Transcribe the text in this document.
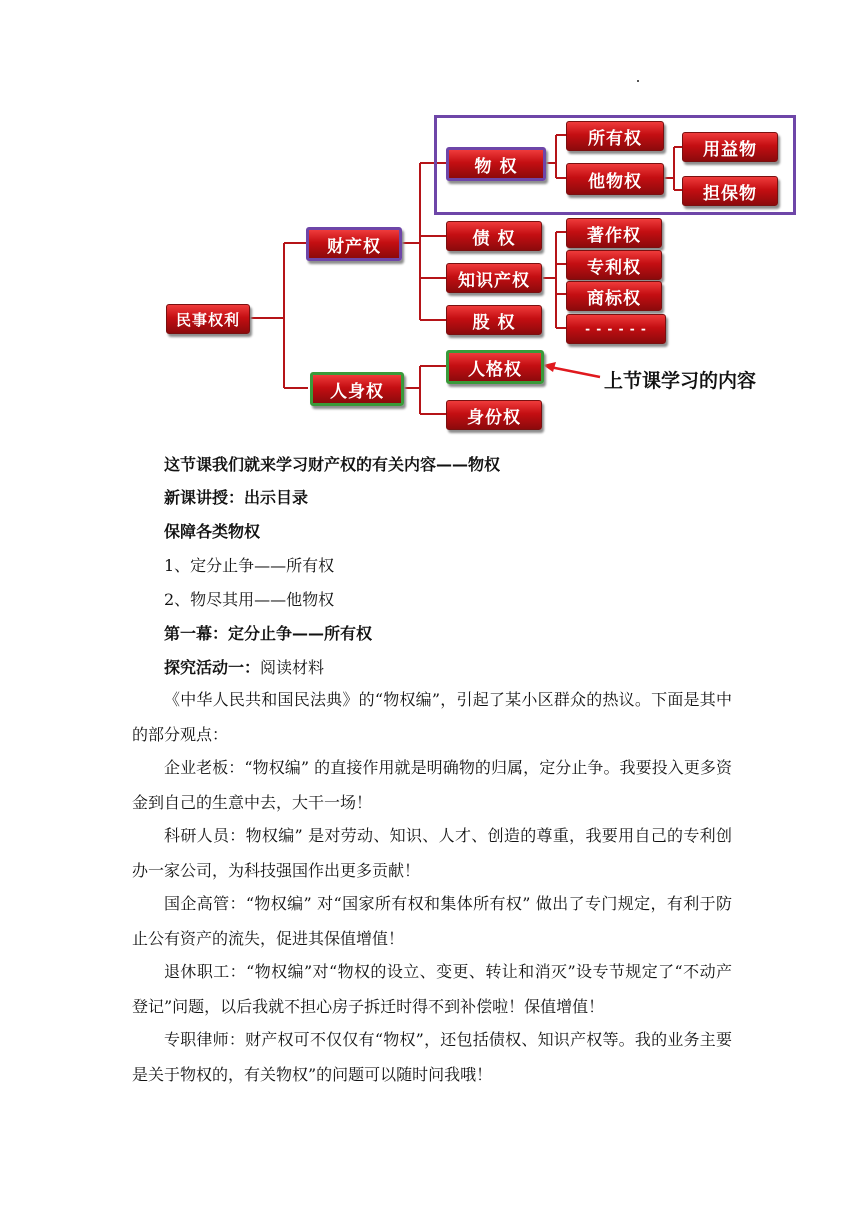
民事权利
财产权
人身权
物 权
所有权
他物权
用益物
担保物
债 权
知识产权
股 权
著作权
专利权
商标权
- - - - - -
人格权
身份权
上节课学习的内容
这节课我们就来学习财产权的有关内容——物权
新课讲授：出示目录
保障各类物权
1、定分止争——所有权
2、物尽其用——他物权
第一幕：定分止争——所有权
探究活动一：阅读材料
《中华人民共和国民法典》的“物权编”，引起了某小区群众的热议。下面是其中的部分观点：
企业老板：“物权编” 的直接作用就是明确物的归属，定分止争。我要投入更多资金到自己的生意中去，大干一场！
科研人员：物权编” 是对劳动、知识、人才、创造的尊重，我要用自己的专利创办一家公司，为科技强国作出更多贡献！
国企高管：“物权编” 对“国家所有权和集体所有权” 做出了专门规定，有利于防止公有资产的流失，促进其保值增值！
退休职工：“物权编”对“物权的设立、变更、转让和消灭”设专节规定了“不动产登记”问题，以后我就不担心房子拆迁时得不到补偿啦！保值增值！
专职律师：财产权可不仅仅有“物权”，还包括债权、知识产权等。我的业务主要是关于物权的，有关物权”的问题可以随时问我哦！
